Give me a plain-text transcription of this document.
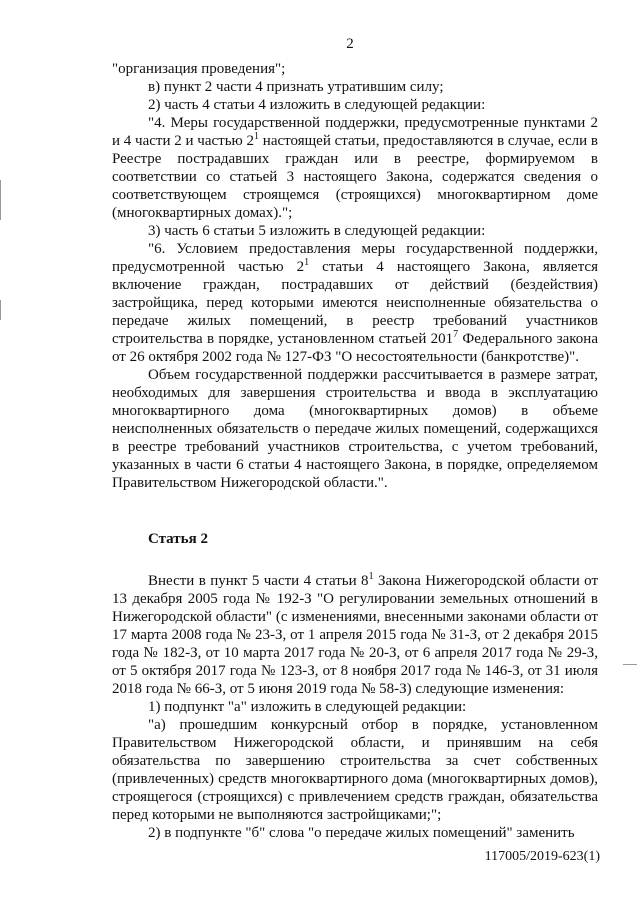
2

"организация проведения";

в) пункт 2 части 4 признать утратившим силу;

2) часть 4 статьи 4 изложить в следующей редакции:

"4. Меры государственной поддержки, предусмотренные пунктами 2 и 4 части 2 и частью $2^1$ настоящей статьи, предоставляются в случае, если в Реестре пострадавших граждан или в реестре, формируемом в соответствии со статьей 3 настоящего Закона, содержатся сведения о соответствующем строящемся (строящихся) многоквартирном доме (многоквартирных домах).";

3) часть 6 статьи 5 изложить в следующей редакции:

"6. Условием предоставления меры государственной поддержки, предусмотренной частью $2^1$ статьи 4 настоящего Закона, является включение граждан, пострадавших от действий (бездействия) застройщика, перед которыми имеются неисполненные обязательства о передаче жилых помещений, в реестр требований участников строительства в порядке, установленном статьей $201^7$ Федерального закона от 26 октября 2002 года № 127-ФЗ "О несостоятельности (банкротстве)".

Объем государственной поддержки рассчитывается в размере затрат, необходимых для завершения строительства и ввода в эксплуатацию многоквартирного дома (многоквартирных домов) в объеме неисполненных обязательств о передаче жилых помещений, содержащихся в реестре требований участников строительства, с учетом требований, указанных в части 6 статьи 4 настоящего Закона, в порядке, определяемом Правительством Нижегородской области.".

Статья 2

Внести в пункт 5 части 4 статьи $8^1$ Закона Нижегородской области от 13 декабря 2005 года № 192-З "О регулировании земельных отношений в Нижегородской области" (с изменениями, внесенными законами области от 17 марта 2008 года № 23-З, от 1 апреля 2015 года № 31-З, от 2 декабря 2015 года № 182-З, от 10 марта 2017 года № 20-З, от 6 апреля 2017 года № 29-З, от 5 октября 2017 года № 123-З, от 8 ноября 2017 года № 146-З, от 31 июля 2018 года № 66-З, от 5 июня 2019 года № 58-З) следующие изменения:

1) подпункт "а" изложить в следующей редакции:

"а) прошедшим конкурсный отбор в порядке, установленном Правительством Нижегородской области, и принявшим на себя обязательства по завершению строительства за счет собственных (привлеченных) средств многоквартирного дома (многоквартирных домов), строящегося (строящихся) с привлечением средств граждан, обязательства перед которыми не выполняются застройщиками;";

2) в подпункте "б" слова "о передаче жилых помещений" заменить

117005/2019-623(1)
